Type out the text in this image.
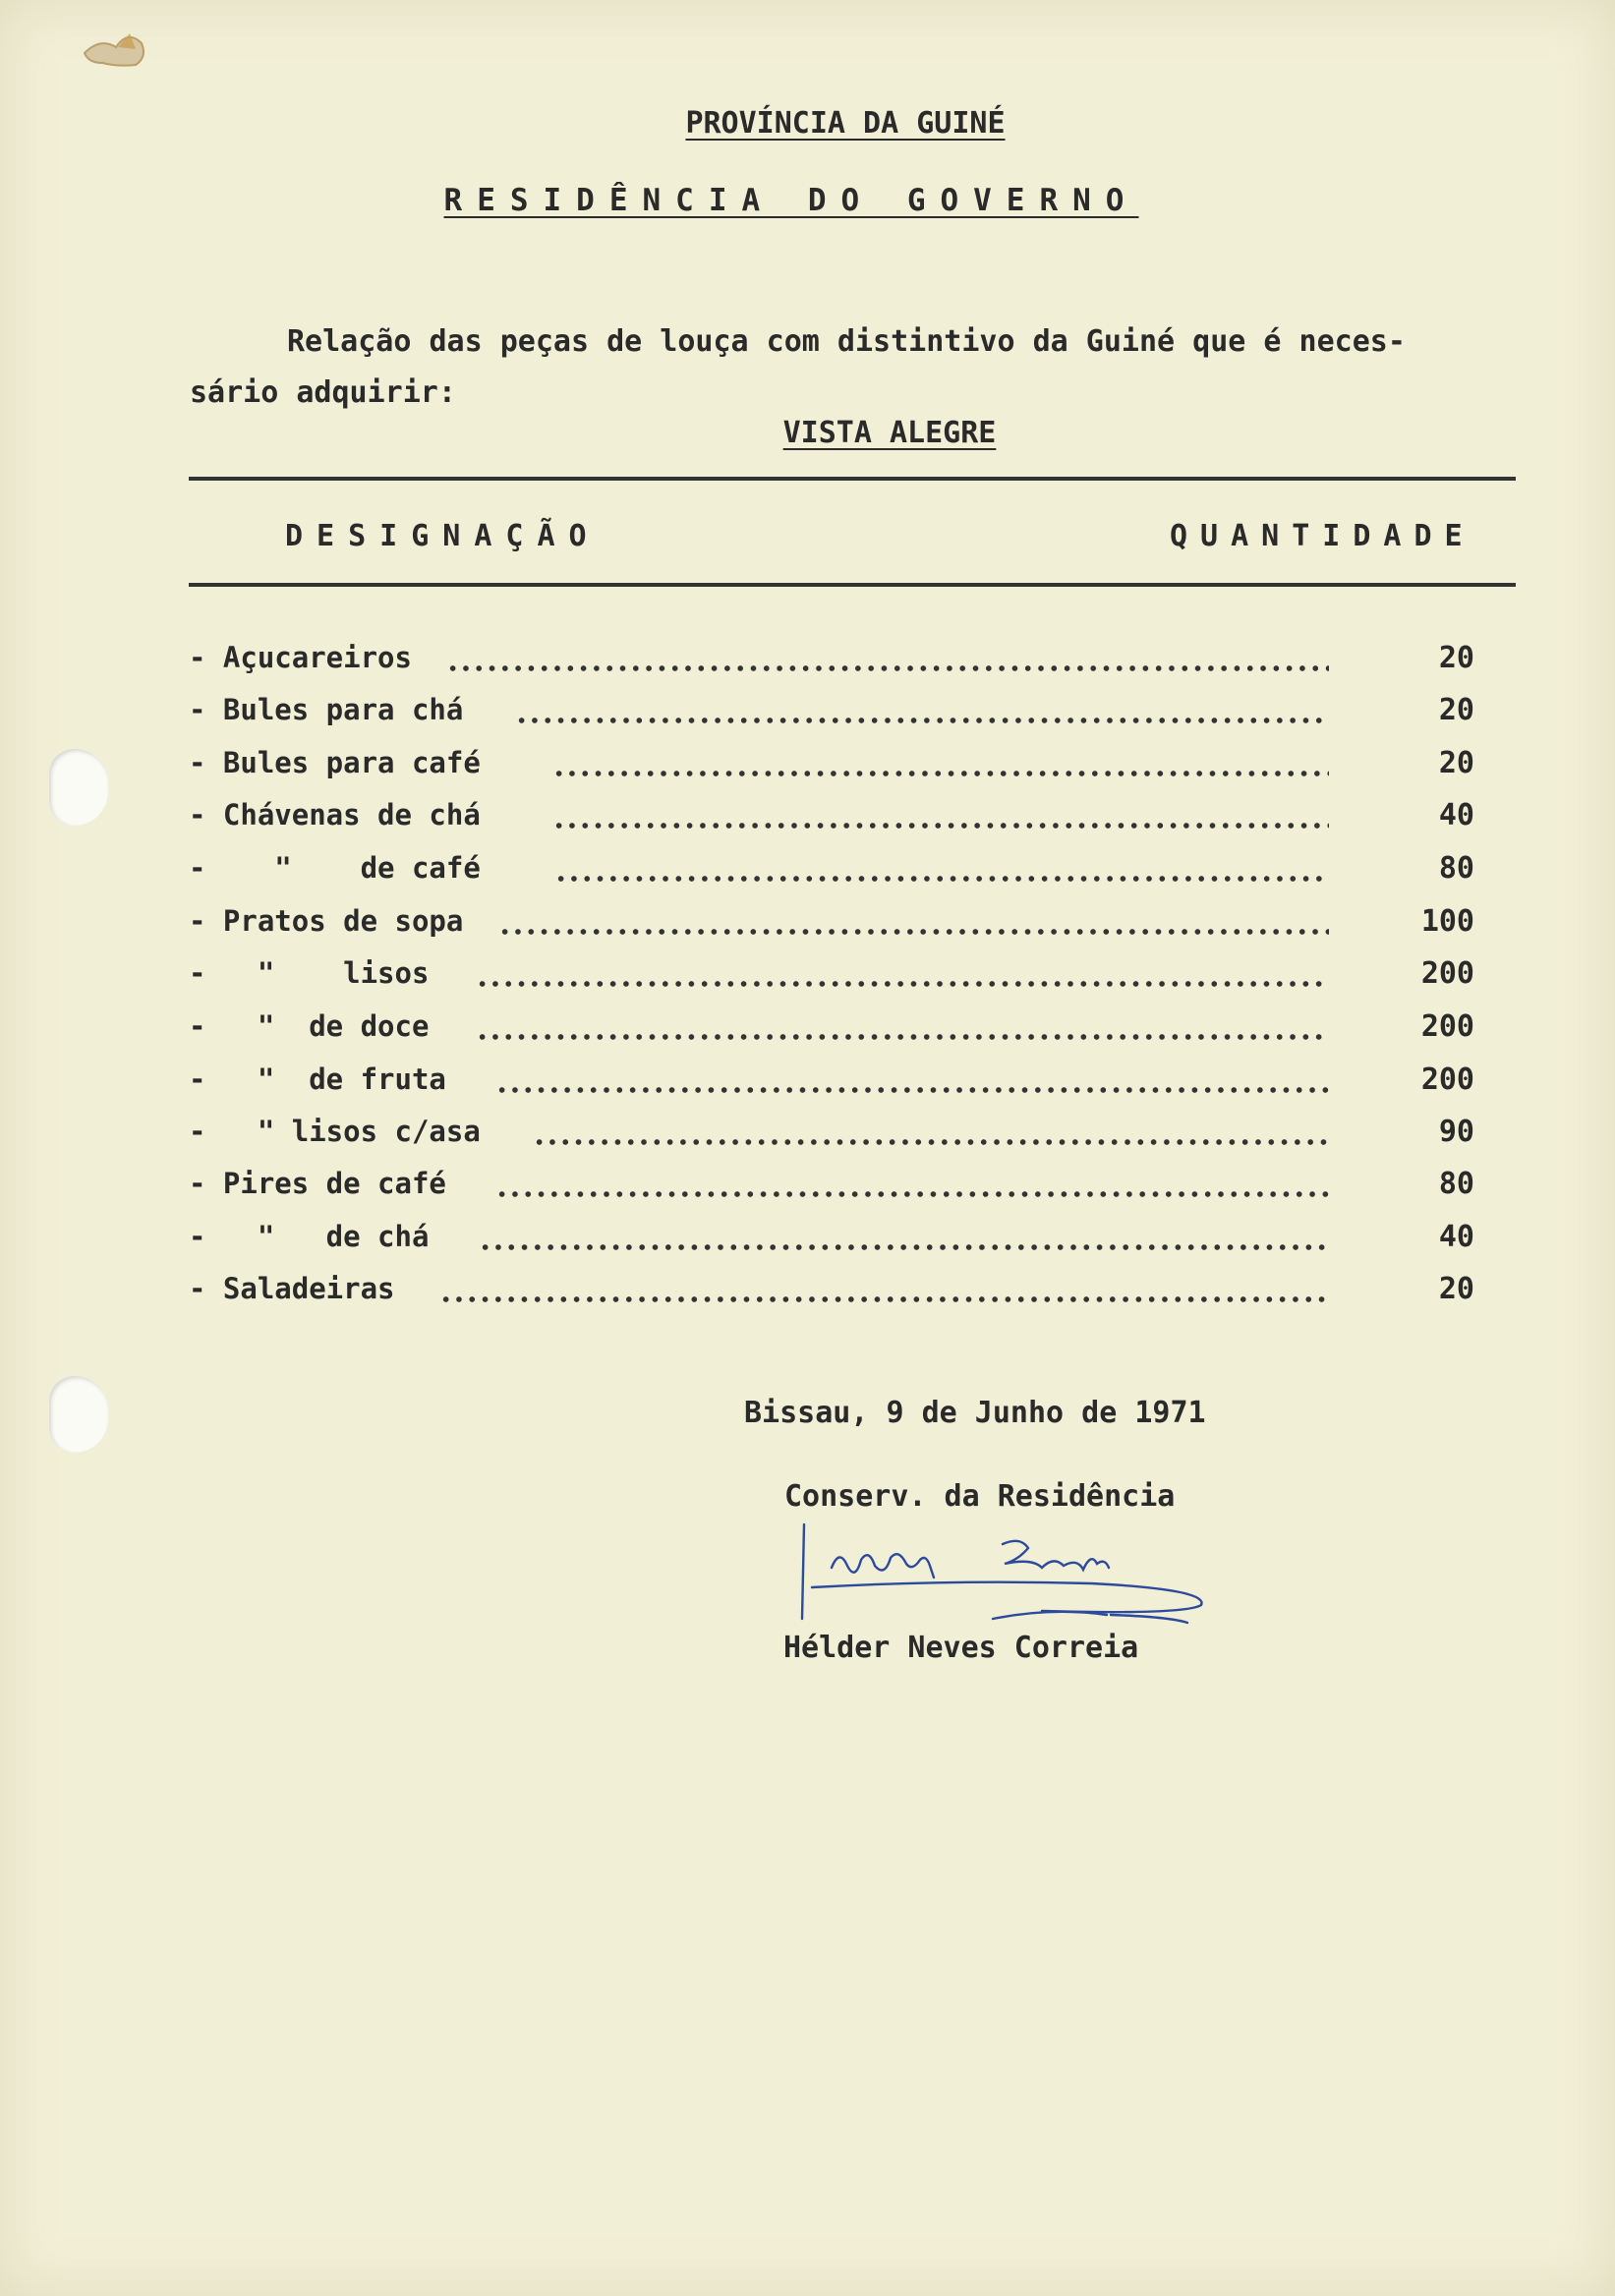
PROVÍNCIA DA GUINÉ
RESIDÊNCIA DO GOVERNO
Relação das peças de louça com distintivo da Guiné que é neces-
sário adquirir:
VISTA ALEGRE
DESIGNAÇÃO	QUANTIDADE
- Açucareiros	20
- Bules para chá	20
- Bules para café	20
- Chávenas de chá	40
-    "    de café	80
- Pratos de sopa	100
-   "    lisos	200
-   "  de doce	200
-   "  de fruta	200
-   " lisos c/asa	90
- Pires de café	80
-   "   de chá	40
- Saladeiras	20
Bissau, 9 de Junho de 1971
Conserv. da Residência
Hélder Neves Correia
